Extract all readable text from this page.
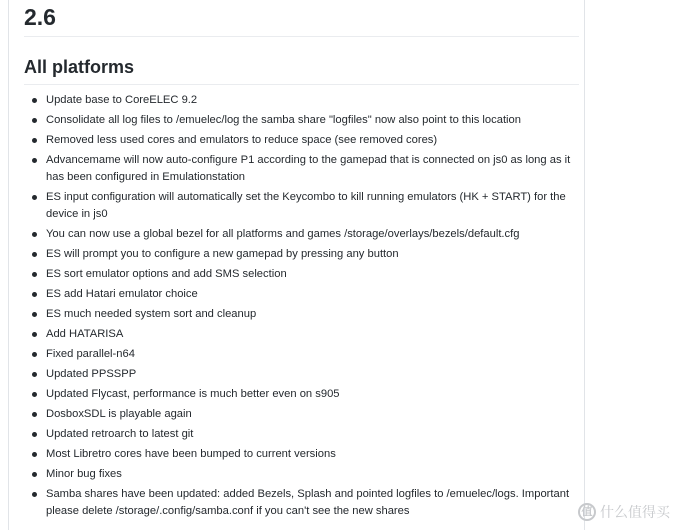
2.6
All platforms
Update base to CoreELEC 9.2
Consolidate all log files to /emuelec/log the samba share "logfiles" now also point to this location
Removed less used cores and emulators to reduce space (see removed cores)
Advancemame will now auto-configure P1 according to the gamepad that is connected on js0 as long as it has been configured in Emulationstation
ES input configuration will automatically set the Keycombo to kill running emulators (HK + START) for the device in js0
You can now use a global bezel for all platforms and games /storage/overlays/bezels/default.cfg
ES will prompt you to configure a new gamepad by pressing any button
ES sort emulator options and add SMS selection
ES add Hatari emulator choice
ES much needed system sort and cleanup
Add HATARISA
Fixed parallel-n64
Updated PPSSPP
Updated Flycast, performance is much better even on s905
DosboxSDL is playable again
Updated retroarch to latest git
Most Libretro cores have been bumped to current versions
Minor bug fixes
Samba shares have been updated: added Bezels, Splash and pointed logfiles to /emuelec/logs. Important please delete /storage/.config/samba.conf if you can't see the new shares	值 什么值得买
